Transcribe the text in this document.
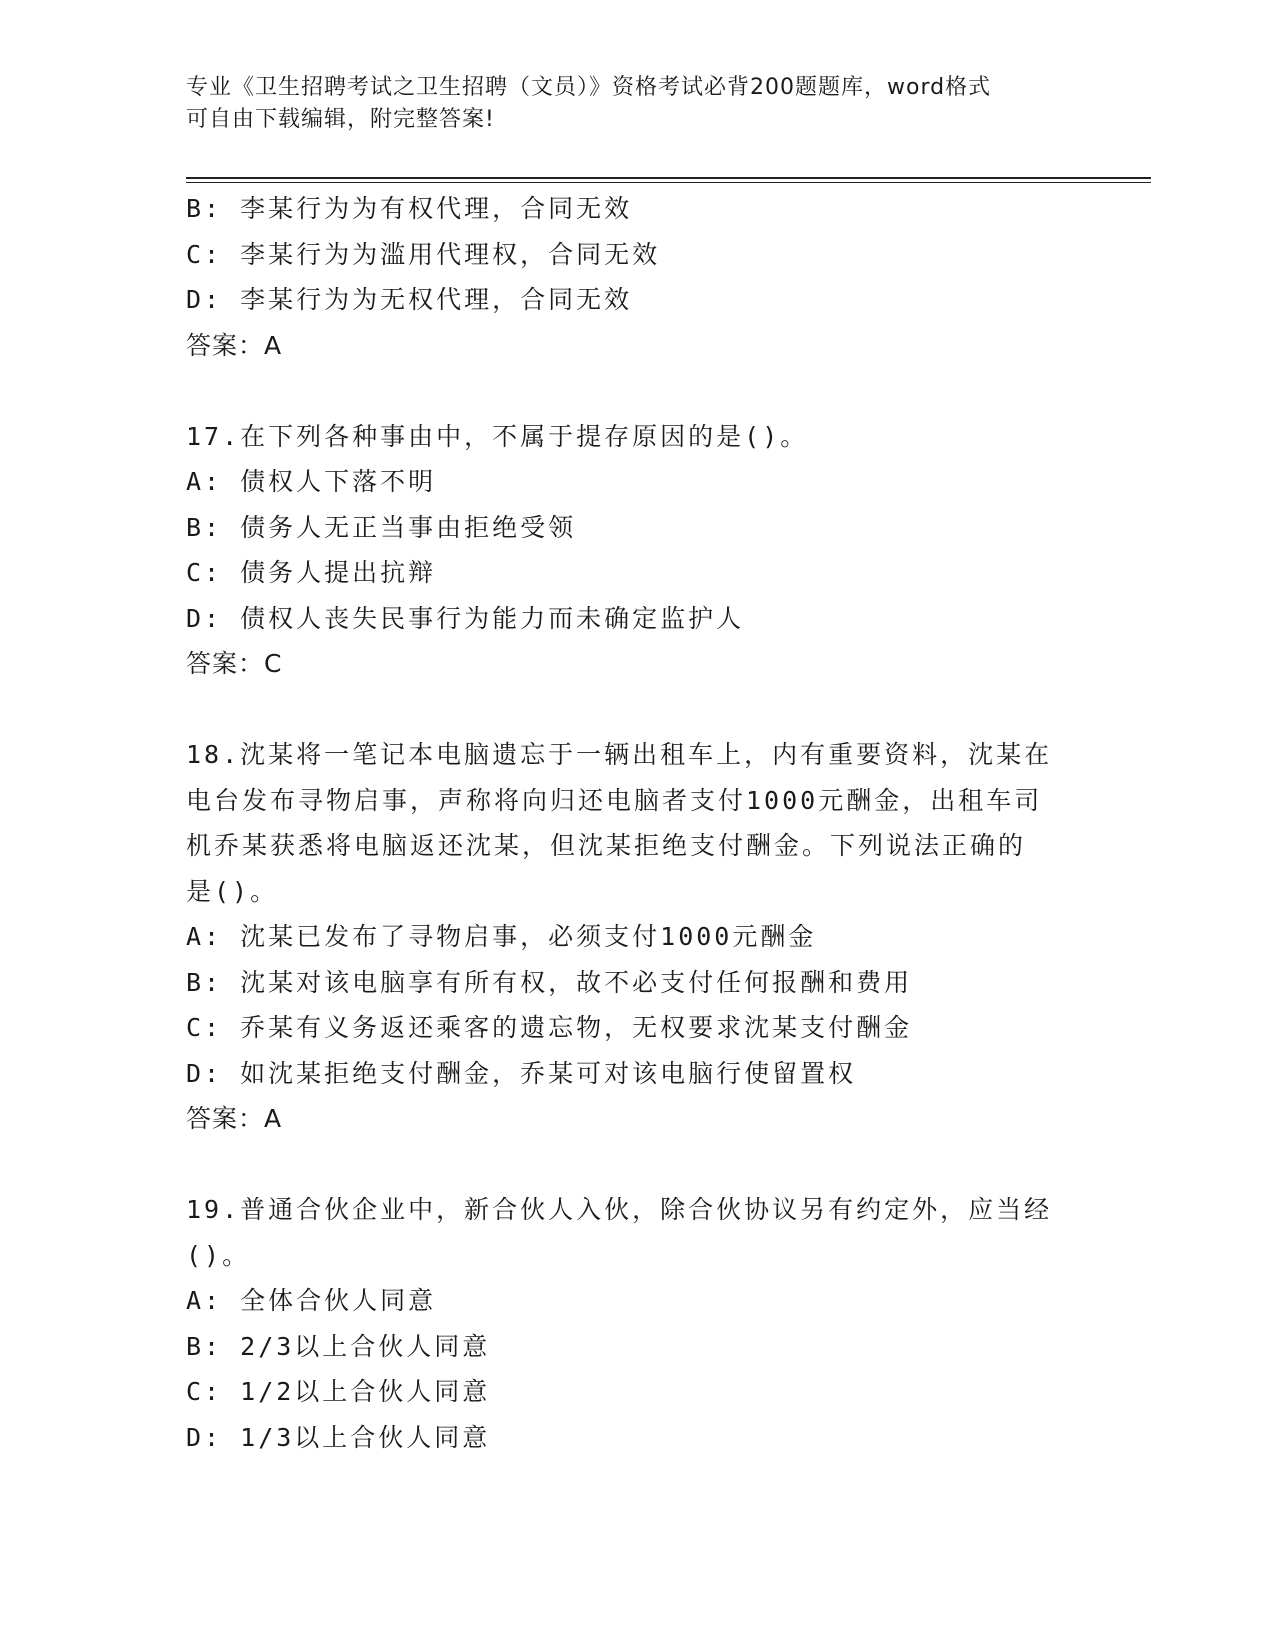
专业《卫生招聘考试之卫生招聘（文员）》资格考试必背200题题库，word格式
可自由下载编辑，附完整答案!
B: 李某行为为有权代理，合同无效
C: 李某行为为滥用代理权，合同无效
D: 李某行为为无权代理，合同无效
答案：A
17.在下列各种事由中，不属于提存原因的是()。
A: 债权人下落不明
B: 债务人无正当事由拒绝受领
C: 债务人提出抗辩
D: 债权人丧失民事行为能力而未确定监护人
答案：C
18.沈某将一笔记本电脑遗忘于一辆出租车上，内有重要资料，沈某在
电台发布寻物启事，声称将向归还电脑者支付1000元酬金，出租车司
机乔某获悉将电脑返还沈某，但沈某拒绝支付酬金。下列说法正确的
是()。
A: 沈某已发布了寻物启事，必须支付1000元酬金
B: 沈某对该电脑享有所有权，故不必支付任何报酬和费用
C: 乔某有义务返还乘客的遗忘物，无权要求沈某支付酬金
D: 如沈某拒绝支付酬金，乔某可对该电脑行使留置权
答案：A
19.普通合伙企业中，新合伙人入伙，除合伙协议另有约定外，应当经
()。
A: 全体合伙人同意
B: 2/3以上合伙人同意
C: 1/2以上合伙人同意
D: 1/3以上合伙人同意
